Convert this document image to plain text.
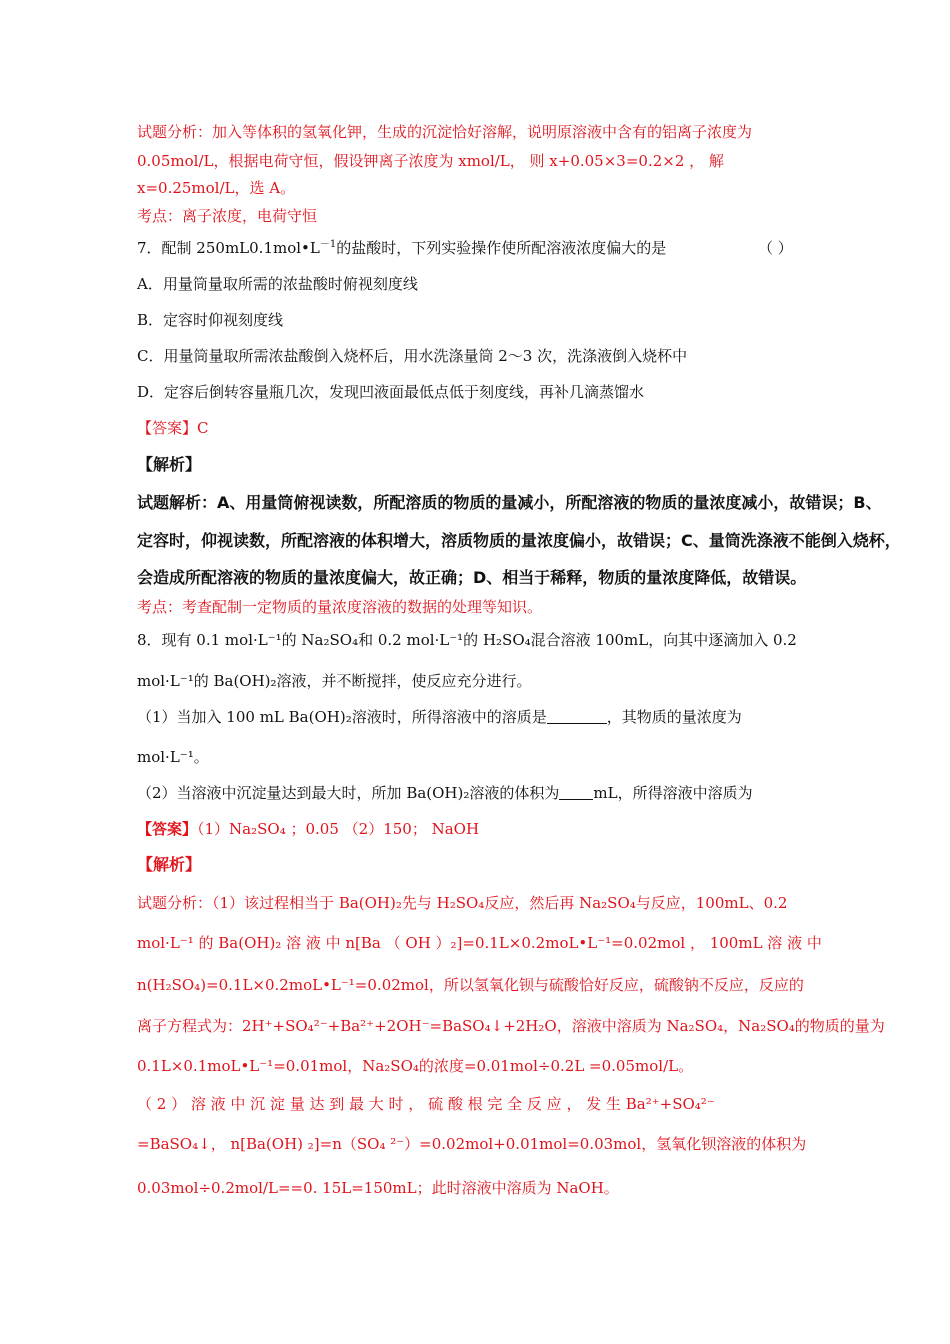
试题分析：加入等体积的氢氧化钾，生成的沉淀恰好溶解，说明原溶液中含有的铝离子浓度为
0.05mol/L，根据电荷守恒，假设钾离子浓度为 xmol/L， 则 x+0.05×3=0.2×2 ， 解
x=0.25mol/L，选 A。
考点：离子浓度，电荷守恒
7．配制 $250mL0.1mol•L^{-1}$的盐酸时，下列实验操作使所配溶液浓度偏大的是	（ ）
A．用量筒量取所需的浓盐酸时俯视刻度线
B．定容时仰视刻度线
C．用量筒量取所需浓盐酸倒入烧杯后，用水洗涤量筒 2～3 次，洗涤液倒入烧杯中
D．定容后倒转容量瓶几次，发现凹液面最低点低于刻度线，再补几滴蒸馏水
【答案】C
【解析】
试题解析：A、用量筒俯视读数，所配溶质的物质的量减小，所配溶液的物质的量浓度减小，故错误；B、
定容时，仰视读数，所配溶液的体积增大，溶质物质的量浓度偏小，故错误；C、量筒洗涤液不能倒入烧杯，
会造成所配溶液的物质的量浓度偏大，故正确；D、相当于稀释，物质的量浓度降低，故错误。
考点：考查配制一定物质的量浓度溶液的数据的处理等知识。
8．现有 0.1 mol·L⁻¹的 Na₂SO₄和 0.2 mol·L⁻¹的 H₂SO₄混合溶液 100mL，向其中逐滴加入 0.2
mol·L⁻¹的 Ba(OH)₂溶液，并不断搅拌，使反应充分进行。
（1）当加入 100 mL Ba(OH)₂溶液时，所得溶液中的溶质是	，其物质的量浓度为
mol·L⁻¹。
（2）当溶液中沉淀量达到最大时，所加 Ba(OH)₂溶液的体积为 mL，所得溶液中溶质为
【答案】（1）Na₂SO₄ ；0.05 （2）150； NaOH
【解析】
试题分析：（1）该过程相当于 Ba(OH)₂先与 H₂SO₄反应，然后再 Na₂SO₄与反应，100mL、0.2
mol·L⁻¹ 的 Ba(OH)₂ 溶 液 中 n[Ba （ OH ）₂]=0.1L×0.2moL•L⁻¹=0.02mol ， 100mL 溶 液 中
n(H₂SO₄)=0.1L×0.2moL•L⁻¹=0.02mol，所以氢氧化钡与硫酸恰好反应，硫酸钠不反应，反应的
离子方程式为：2H⁺+SO₄²⁻+Ba²⁺+2OH⁻=BaSO₄↓+2H₂O，溶液中溶质为 Na₂SO₄，Na₂SO₄的物质的量为
0.1L×0.1moL•L⁻¹=0.01mol，Na₂SO₄的浓度=0.01mol÷0.2L =0.05mol/L。
（ 2 ） 溶 液 中 沉 淀 量 达 到 最 大 时 ， 硫 酸 根 完 全 反 应 ， 发 生 Ba²⁺+SO₄²⁻
=BaSO₄↓， n[Ba(OH) ₂]=n（SO₄ ²⁻）=0.02mol+0.01mol=0.03mol，氢氧化钡溶液的体积为
0.03mol÷0.2mol/L==0. 15L=150mL；此时溶液中溶质为 NaOH。
